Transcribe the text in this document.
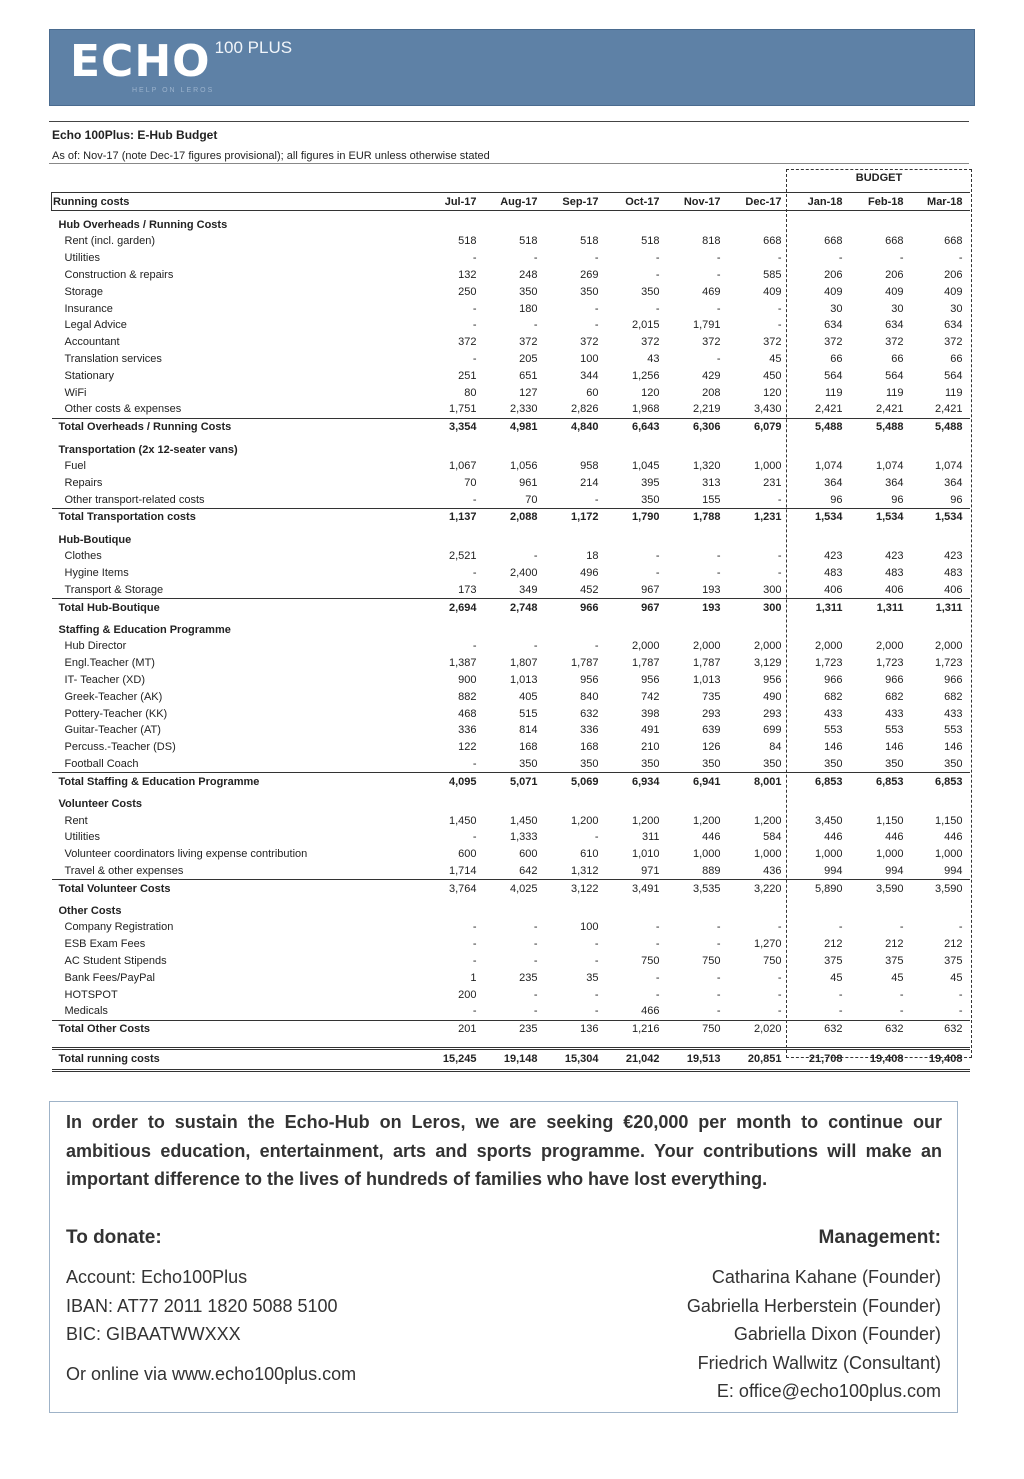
ECHO 100 PLUS
HELP ON LEROS
Echo 100Plus: E-Hub Budget
As of: Nov-17 (note Dec-17 figures provisional); all figures in EUR unless otherwise stated
BUDGET
Running costs	Jul-17	Aug-17	Sep-17	Oct-17	Nov-17	Dec-17	Jan-18	Feb-18	Mar-18
Hub Overheads / Running Costs									
Rent (incl. garden)	518	518	518	518	818	668	668	668	668
Utilities	-	-	-	-	-	-	-	-	-
Construction & repairs	132	248	269	-	-	585	206	206	206
Storage	250	350	350	350	469	409	409	409	409
Insurance	-	180	-	-	-	-	30	30	30
Legal Advice	-	-	-	2,015	1,791	-	634	634	634
Accountant	372	372	372	372	372	372	372	372	372
Translation services	-	205	100	43	-	45	66	66	66
Stationary	251	651	344	1,256	429	450	564	564	564
WiFi	80	127	60	120	208	120	119	119	119
Other costs & expenses	1,751	2,330	2,826	1,968	2,219	3,430	2,421	2,421	2,421
Total Overheads / Running Costs	3,354	4,981	4,840	6,643	6,306	6,079	5,488	5,488	5,488
Transportation (2x 12-seater vans)									
Fuel	1,067	1,056	958	1,045	1,320	1,000	1,074	1,074	1,074
Repairs	70	961	214	395	313	231	364	364	364
Other transport-related costs	-	70	-	350	155	-	96	96	96
Total Transportation costs	1,137	2,088	1,172	1,790	1,788	1,231	1,534	1,534	1,534
Hub-Boutique									
Clothes	2,521	-	18	-	-	-	423	423	423
Hygine Items	-	2,400	496	-	-	-	483	483	483
Transport & Storage	173	349	452	967	193	300	406	406	406
Total Hub-Boutique	2,694	2,748	966	967	193	300	1,311	1,311	1,311
Staffing & Education Programme									
Hub Director	-	-	-	2,000	2,000	2,000	2,000	2,000	2,000
Engl.Teacher (MT)	1,387	1,807	1,787	1,787	1,787	3,129	1,723	1,723	1,723
IT- Teacher (XD)	900	1,013	956	956	1,013	956	966	966	966
Greek-Teacher (AK)	882	405	840	742	735	490	682	682	682
Pottery-Teacher (KK)	468	515	632	398	293	293	433	433	433
Guitar-Teacher (AT)	336	814	336	491	639	699	553	553	553
Percuss.-Teacher (DS)	122	168	168	210	126	84	146	146	146
Football Coach	-	350	350	350	350	350	350	350	350
Total Staffing & Education Programme	4,095	5,071	5,069	6,934	6,941	8,001	6,853	6,853	6,853
Volunteer Costs									
Rent	1,450	1,450	1,200	1,200	1,200	1,200	3,450	1,150	1,150
Utilities	-	1,333	-	311	446	584	446	446	446
Volunteer coordinators living expense contribution	600	600	610	1,010	1,000	1,000	1,000	1,000	1,000
Travel & other expenses	1,714	642	1,312	971	889	436	994	994	994
Total Volunteer Costs	3,764	4,025	3,122	3,491	3,535	3,220	5,890	3,590	3,590
Other Costs									
Company Registration	-	-	100	-	-	-	-	-	-
ESB Exam Fees	-	-	-	-	-	1,270	212	212	212
AC Student Stipends	-	-	-	750	750	750	375	375	375
Bank Fees/PayPal	1	235	35	-	-	-	45	45	45
HOTSPOT	200	-	-	-	-	-	-	-	-
Medicals	-	-	-	466	-	-	-	-	-
Total Other Costs	201	235	136	1,216	750	2,020	632	632	632

Total running costs	15,245	19,148	15,304	21,042	19,513	20,851	21,708	19,408	19,408
In order to sustain the Echo-Hub on Leros, we are seeking €20,000 per month to continue our ambitious education, entertainment, arts and sports programme. Your contributions will make an important difference to the lives of hundreds of families who have lost everything.
To donate:
Account: Echo100Plus
IBAN: AT77 2011 1820 5088 5100
BIC: GIBAATWWXXX
Or online via www.echo100plus.com
Management:
Catharina Kahane (Founder)
Gabriella Herberstein (Founder)
Gabriella Dixon (Founder)
Friedrich Wallwitz (Consultant)
E: office@echo100plus.com
